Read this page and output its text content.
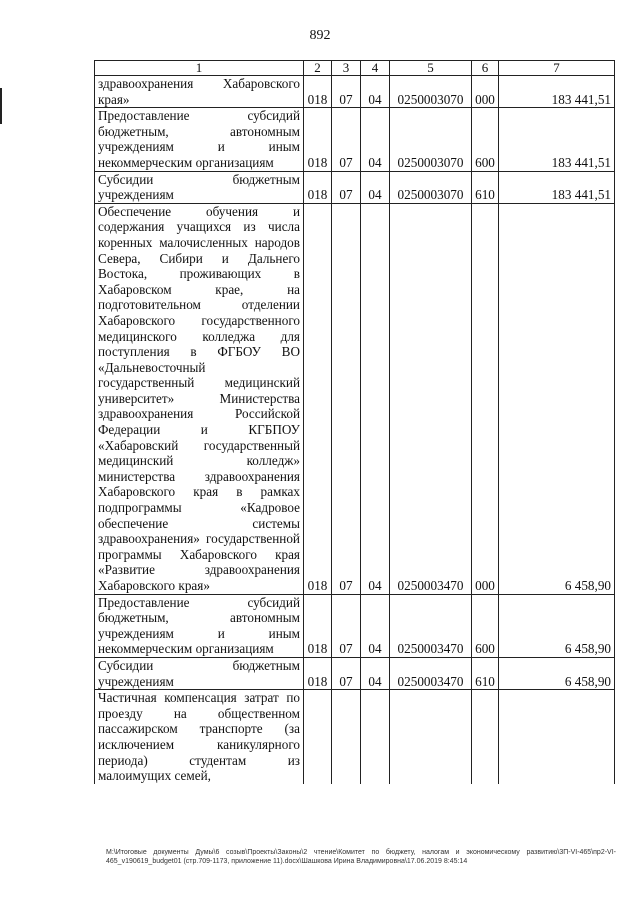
892
1	2	3	4	5	6	7
здравоохранения Хабаровского края»	018	07	04	0250003070	000	183 441,51
Предоставление субсидий бюджетным, автономным учреждениям и иным некоммерческим организациям	018	07	04	0250003070	600	183 441,51
Субсидии бюджетным учреждениям	018	07	04	0250003070	610	183 441,51
Обеспечение обучения и содержания учащихся из числа коренных малочисленных народов Севера, Сибири и Дальнего Востока, проживающих в Хабаровском крае, на подготовительном отделении Хабаровского государственного медицинского колледжа для поступления в ФГБОУ ВО «Дальневосточный государственный медицинский университет» Министерства здравоохранения Российской Федерации и КГБПОУ «Хабаровский государственный медицинский колледж» министерства здравоохранения Хабаровского края в рамках подпрограммы «Кадровое обеспечение системы здравоохранения» государственной программы Хабаровского края «Развитие здравоохранения Хабаровского края»	018	07	04	0250003470	000	6 458,90
Предоставление субсидий бюджетным, автономным учреждениям и иным некоммерческим организациям	018	07	04	0250003470	600	6 458,90
Субсидии бюджетным учреждениям	018	07	04	0250003470	610	6 458,90
Частичная компенсация затрат по проезду на общественном пассажирском транспорте (за исключением каникулярного периода) студентам из малоимущих семей,						
M:\Итоговые документы Думы\6 созыв\Проекты\Законы\2 чтение\Комитет по бюджету, налогам и экономическому развитию\3П-VI-465\пр2-VI-465_v190619_budget01 (стр.709-1173, приложение 11).docx\Шашкова Ирина Владимировна\17.06.2019 8:45:14
